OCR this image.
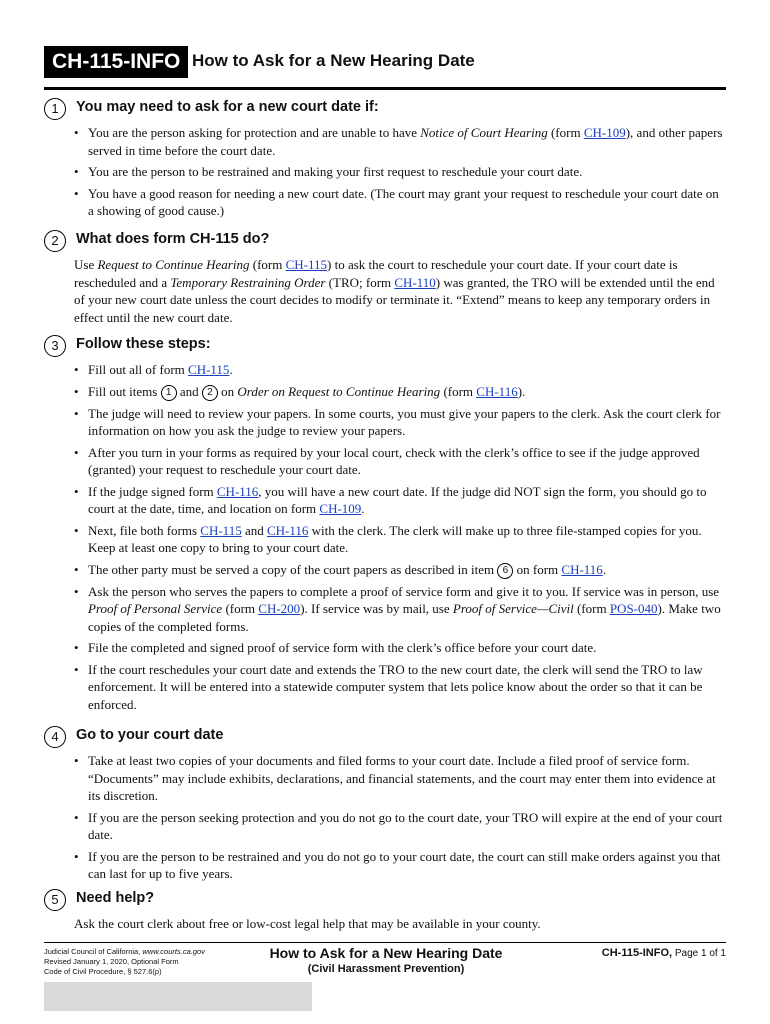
CH-115-INFO How to Ask for a New Hearing Date
1	You may need to ask for a new court date if:
• You are the person asking for protection and are unable to have Notice of Court Hearing (form CH-109), and other papers served in time before the court date.
• You are the person to be restrained and making your first request to reschedule your court date.
• You have a good reason for needing a new court date. (The court may grant your request to reschedule your court date on a showing of good cause.)
2	What does form CH-115 do?
Use Request to Continue Hearing (form CH-115) to ask the court to reschedule your court date. If your court date is rescheduled and a Temporary Restraining Order (TRO; form CH-110) was granted, the TRO will be extended until the end of your new court date unless the court decides to modify or terminate it. “Extend” means to keep any temporary orders in effect until the new court date.
3	Follow these steps:
• Fill out all of form CH-115.
• Fill out items 1 and 2 on Order on Request to Continue Hearing (form CH-116).
• The judge will need to review your papers. In some courts, you must give your papers to the clerk. Ask the court clerk for information on how you ask the judge to review your papers.
• After you turn in your forms as required by your local court, check with the clerk’s office to see if the judge approved (granted) your request to reschedule your court date.
• If the judge signed form CH-116, you will have a new court date. If the judge did NOT sign the form, you should go to court at the date, time, and location on form CH-109.
• Next, file both forms CH-115 and CH-116 with the clerk. The clerk will make up to three file-stamped copies for you. Keep at least one copy to bring to your court date.
• The other party must be served a copy of the court papers as described in item 6 on form CH-116.
• Ask the person who serves the papers to complete a proof of service form and give it to you. If service was in person, use Proof of Personal Service (form CH-200). If service was by mail, use Proof of Service—Civil (form POS-040). Make two copies of the completed forms.
• File the completed and signed proof of service form with the clerk’s office before your court date.
• If the court reschedules your court date and extends the TRO to the new court date, the clerk will send the TRO to law enforcement. It will be entered into a statewide computer system that lets police know about the order so that it can be enforced.
4	Go to your court date
• Take at least two copies of your documents and filed forms to your court date. Include a filed proof of service form. “Documents” may include exhibits, declarations, and financial statements, and the court may enter them into evidence at its discretion.
• If you are the person seeking protection and you do not go to the court date, your TRO will expire at the end of your court date.
• If you are the person to be restrained and you do not go to your court date, the court can still make orders against you that can last for up to five years.
5	Need help?
Ask the court clerk about free or low-cost legal help that may be available in your county.
Judicial Council of California, www.courts.ca.gov
Revised January 1, 2020, Optional Form
Code of Civil Procedure, § 527.6(p)
How to Ask for a New Hearing Date
(Civil Harassment Prevention)
CH-115-INFO, Page 1 of 1
